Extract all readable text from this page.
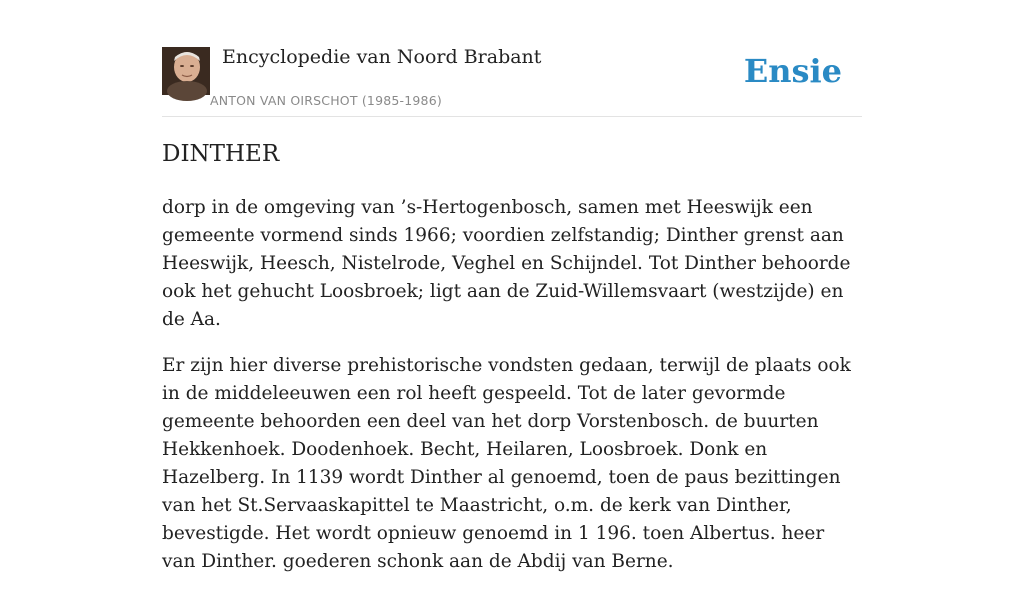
Encyclopedie van Noord Brabant
ANTON VAN OIRSCHOT (1985-1986)
Ensie
DINTHER

dorp in de omgeving van ’s-Hertogenbosch, samen met Heeswijk een gemeente vormend sinds 1966; voordien zelfstandig; Dinther grenst aan Heeswijk, Heesch, Nistelrode, Veghel en Schijndel. Tot Dinther behoorde ook het gehucht Loosbroek; ligt aan de Zuid-Willemsvaart (westzijde) en de Aa.

Er zijn hier diverse prehistorische vondsten gedaan, terwijl de plaats ook in de middeleeuwen een rol heeft gespeeld. Tot de later gevormde gemeente behoorden een deel van het dorp Vorstenbosch. de buurten Hekkenhoek. Doodenhoek. Becht, Heilaren, Loosbroek. Donk en Hazelberg. In 1139 wordt Dinther al genoemd, toen de paus bezittingen van het St.Servaaskapittel te Maastricht, o.m. de kerk van Dinther, bevestigde. Het wordt opnieuw genoemd in 1 196. toen Albertus. heer van Dinther. goederen schonk aan de Abdij van Berne.
